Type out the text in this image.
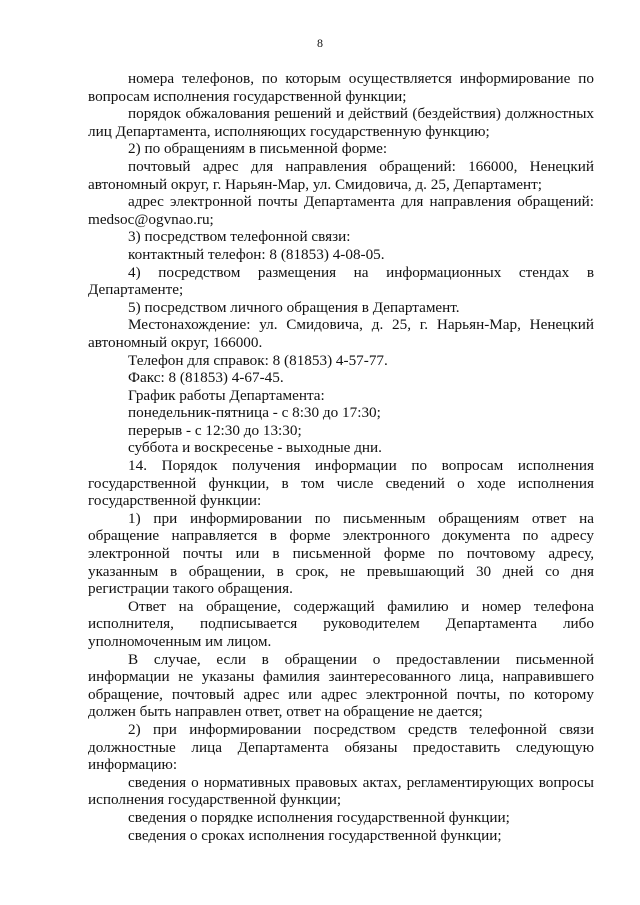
8

номера телефонов, по которым осуществляется информирование по вопросам исполнения государственной функции;

порядок обжалования решений и действий (бездействия) должностных лиц Департамента, исполняющих государственную функцию;

2) по обращениям в письменной форме:

почтовый адрес для направления обращений: 166000, Ненецкий автономный округ, г. Нарьян-Мар, ул. Смидовича, д. 25, Департамент;

адрес электронной почты Департамента для направления обращений: medsoc@ogvnao.ru;

3) посредством телефонной связи:

контактный телефон: 8 (81853) 4-08-05.

4) посредством размещения на информационных стендах в Департаменте;

5) посредством личного обращения в Департамент.

Местонахождение: ул. Смидовича, д. 25, г. Нарьян-Мар, Ненецкий автономный округ, 166000.

Телефон для справок: 8 (81853) 4-57-77.

Факс: 8 (81853) 4-67-45.

График работы Департамента:

понедельник-пятница - с 8:30 до 17:30;

перерыв - с 12:30 до 13:30;

суббота и воскресенье - выходные дни.

14. Порядок получения информации по вопросам исполнения государственной функции, в том числе сведений о ходе исполнения государственной функции:

1) при информировании по письменным обращениям ответ на обращение направляется в форме электронного документа по адресу электронной почты или в письменной форме по почтовому адресу, указанным в обращении, в срок, не превышающий 30 дней со дня регистрации такого обращения.

Ответ на обращение, содержащий фамилию и номер телефона исполнителя, подписывается руководителем Департамента либо уполномоченным им лицом.

В случае, если в обращении о предоставлении письменной информации не указаны фамилия заинтересованного лица, направившего обращение, почтовый адрес или адрес электронной почты, по которому должен быть направлен ответ, ответ на обращение не дается;

2) при информировании посредством средств телефонной связи должностные лица Департамента обязаны предоставить следующую информацию:

сведения о нормативных правовых актах, регламентирующих вопросы исполнения государственной функции;

сведения о порядке исполнения государственной функции;

сведения о сроках исполнения государственной функции;
